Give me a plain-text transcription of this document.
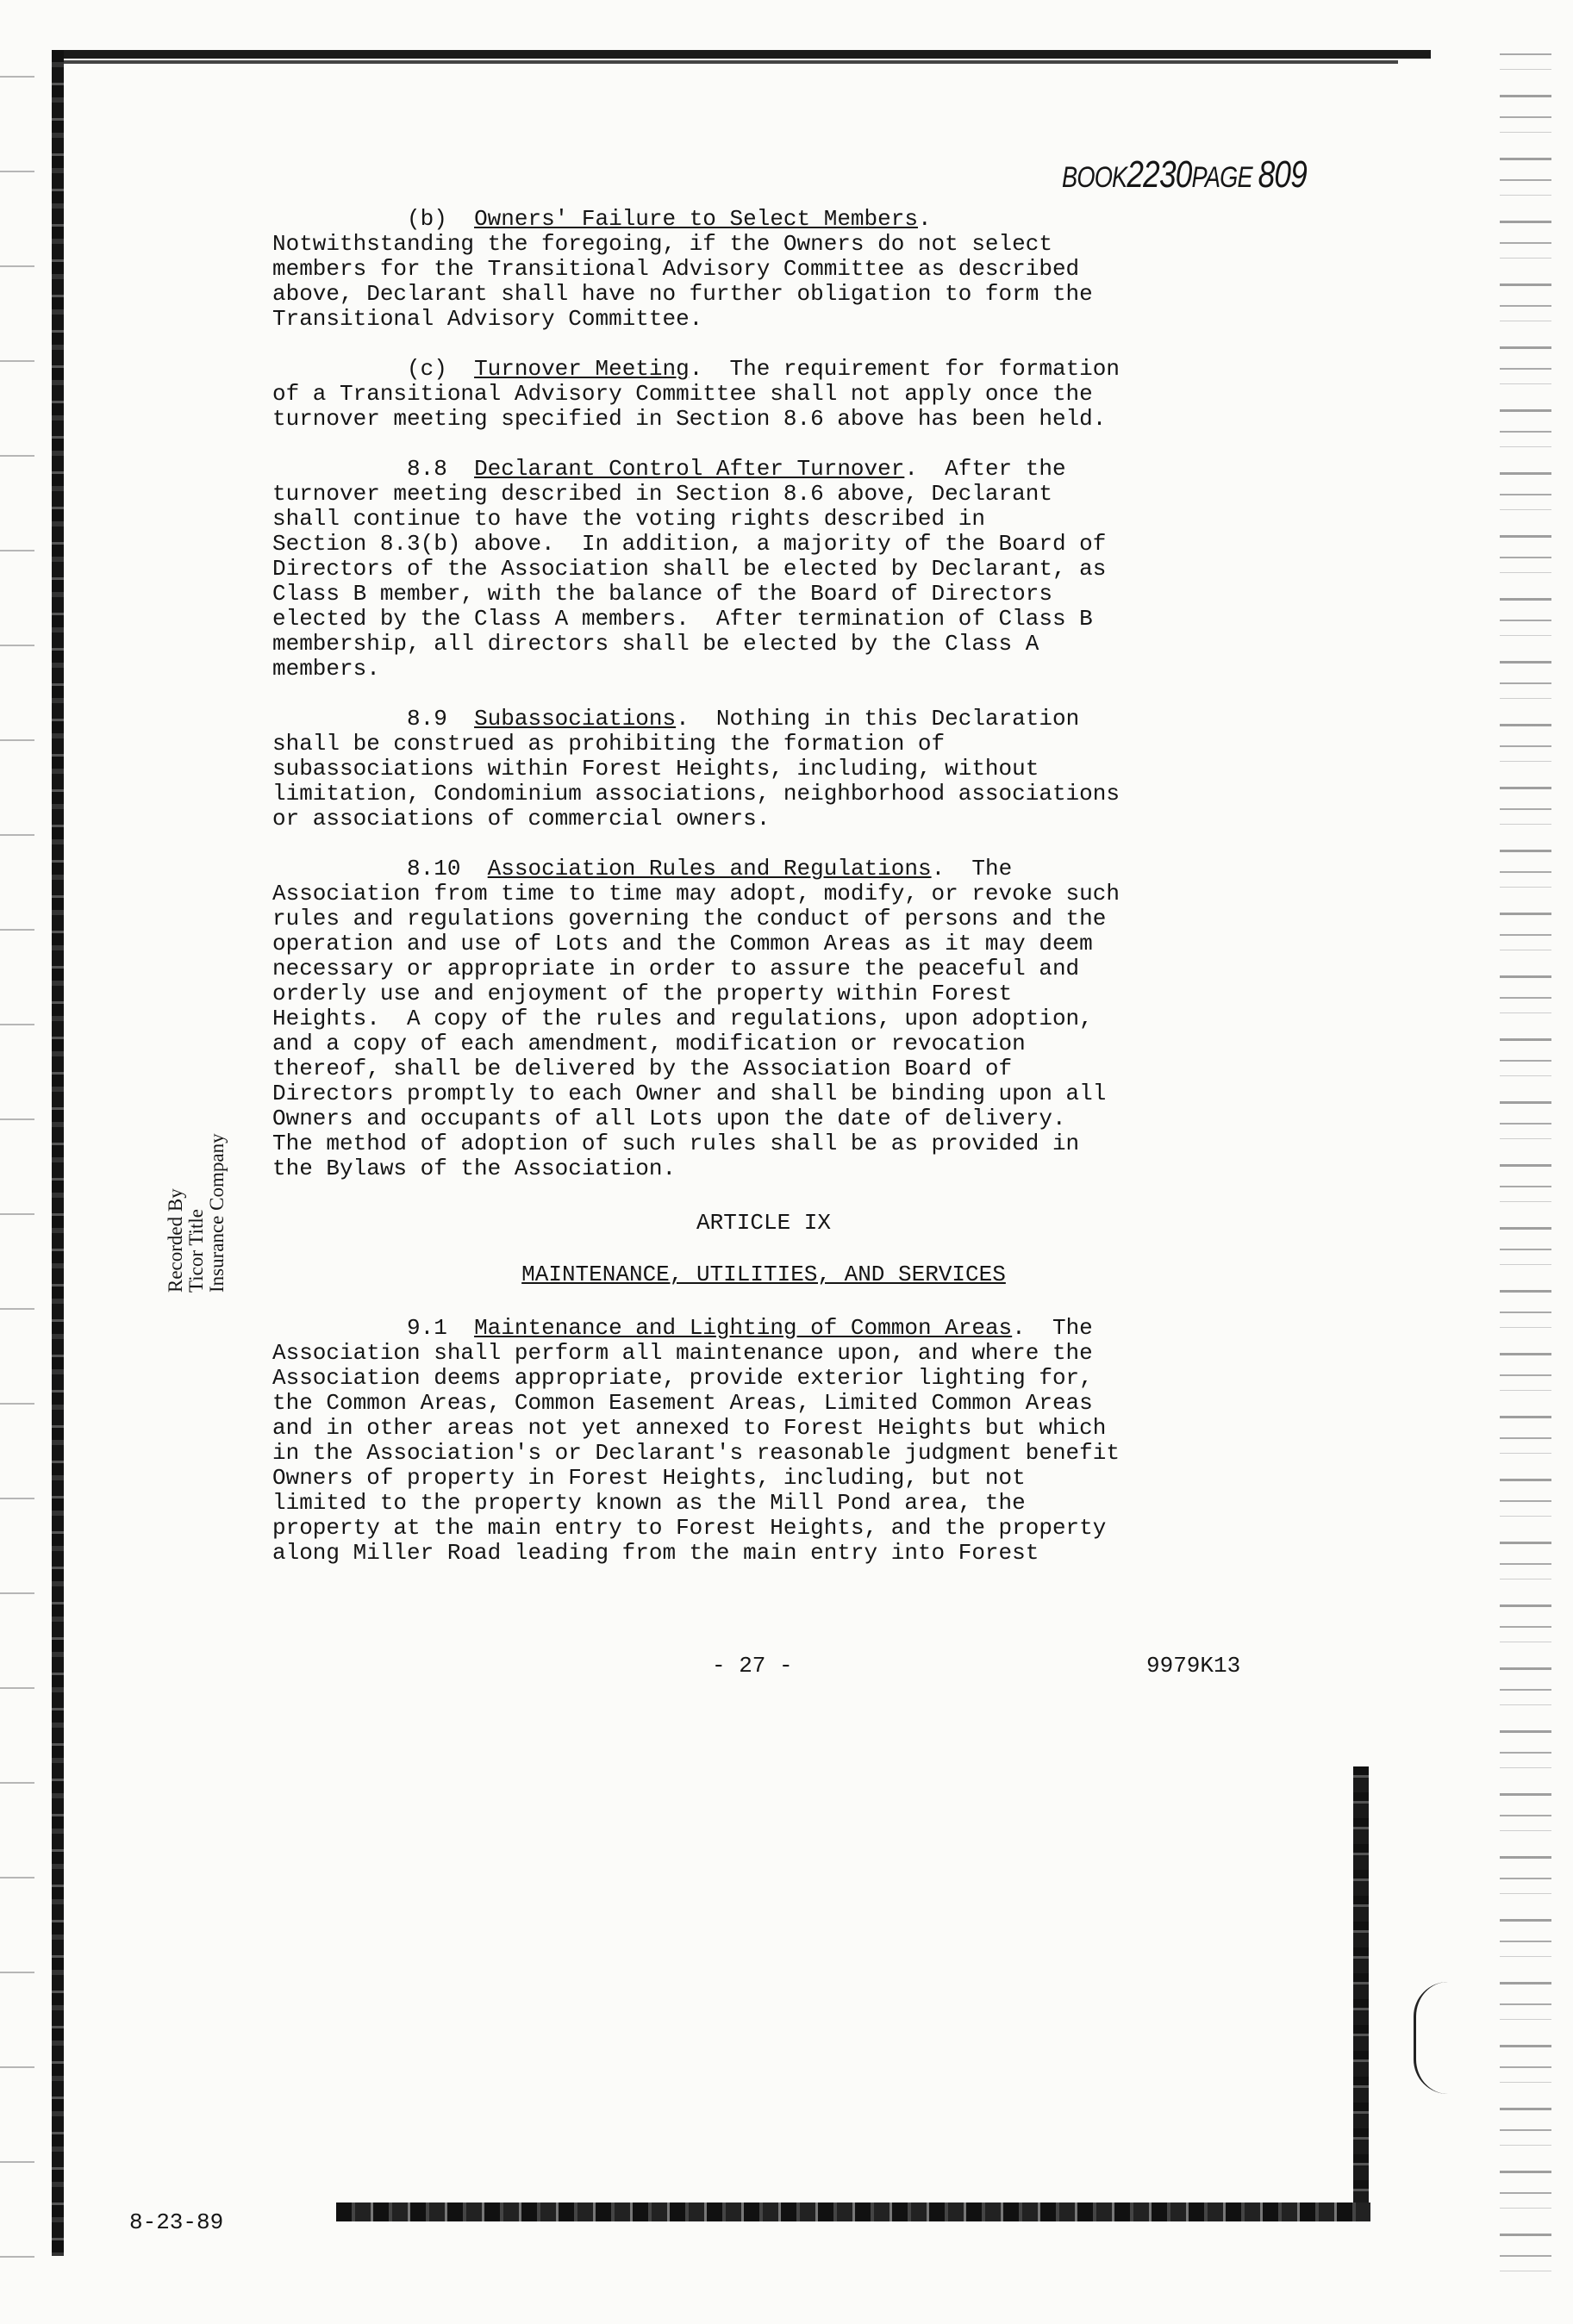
BOOK2230PAGE 809
(b) Owners' Failure to Select Members.
Notwithstanding the foregoing, if the Owners do not select
members for the Transitional Advisory Committee as described
above, Declarant shall have no further obligation to form the
Transitional Advisory Committee.
(c) Turnover Meeting.  The requirement for formation
of a Transitional Advisory Committee shall not apply once the
turnover meeting specified in Section 8.6 above has been held.
8.8 Declarant Control After Turnover.  After the
turnover meeting described in Section 8.6 above, Declarant
shall continue to have the voting rights described in
Section 8.3(b) above.  In addition, a majority of the Board of
Directors of the Association shall be elected by Declarant, as
Class B member, with the balance of the Board of Directors
elected by the Class A members.  After termination of Class B
membership, all directors shall be elected by the Class A
members.
8.9 Subassociations.  Nothing in this Declaration
shall be construed as prohibiting the formation of
subassociations within Forest Heights, including, without
limitation, Condominium associations, neighborhood associations
or associations of commercial owners.
8.10 Association Rules and Regulations.  The
Association from time to time may adopt, modify, or revoke such
rules and regulations governing the conduct of persons and the
operation and use of Lots and the Common Areas as it may deem
necessary or appropriate in order to assure the peaceful and
orderly use and enjoyment of the property within Forest
Heights.  A copy of the rules and regulations, upon adoption,
and a copy of each amendment, modification or revocation
thereof, shall be delivered by the Association Board of
Directors promptly to each Owner and shall be binding upon all
Owners and occupants of all Lots upon the date of delivery.
The method of adoption of such rules shall be as provided in
the Bylaws of the Association.
ARTICLE IX
MAINTENANCE, UTILITIES, AND SERVICES
9.1 Maintenance and Lighting of Common Areas.  The
Association shall perform all maintenance upon, and where the
Association deems appropriate, provide exterior lighting for,
the Common Areas, Common Easement Areas, Limited Common Areas
and in other areas not yet annexed to Forest Heights but which
in the Association's or Declarant's reasonable judgment benefit
Owners of property in Forest Heights, including, but not
limited to the property known as the Mill Pond area, the
property at the main entry to Forest Heights, and the property
along Miller Road leading from the main entry into Forest
Recorded By
Ticor Title
Insurance Company
- 27 -	9979K13
8-23-89
